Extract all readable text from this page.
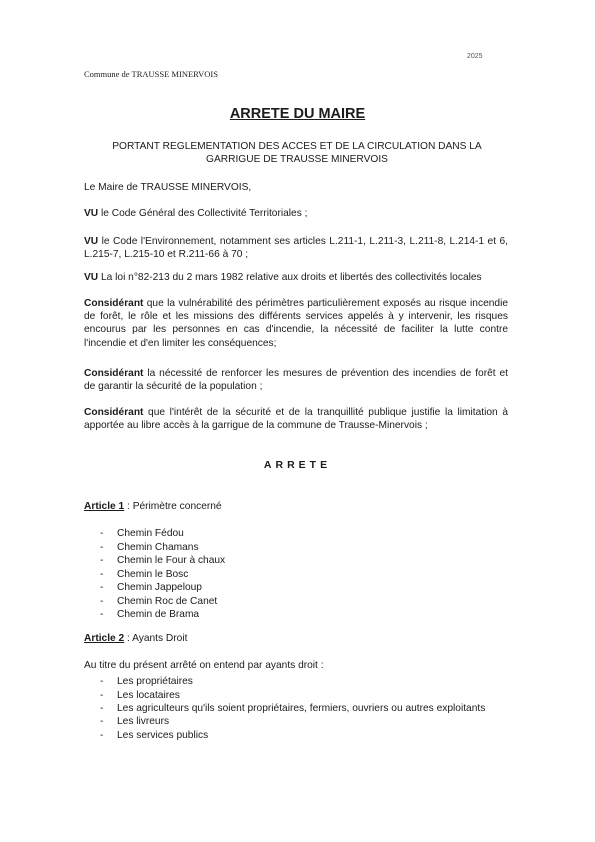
2025
Commune de TRAUSSE MINERVOIS
ARRETE DU MAIRE
PORTANT REGLEMENTATION DES ACCES ET DE LA CIRCULATION DANS LA GARRIGUE DE TRAUSSE MINERVOIS
Le Maire de TRAUSSE MINERVOIS,
VU le Code Général des Collectivité Territoriales ;
VU le Code l'Environnement, notamment ses articles L.211-1, L.211-3, L.211-8, L.214-1 et 6, L.215-7, L.215-10 et R.211-66 à 70 ;
VU La loi n°82-213 du 2 mars 1982 relative aux droits et libertés des collectivités locales
Considérant que la vulnérabilité des périmètres particulièrement exposés au risque incendie de forêt, le rôle et les missions des différents services appelés à y intervenir, les risques encourus par les personnes en cas d'incendie, la nécessité de faciliter la lutte contre l'incendie et d'en limiter les conséquences;
Considérant la nécessité de renforcer les mesures de prévention des incendies de forêt et de garantir la sécurité de la population ;
Considérant que l'intérêt de la sécurité et de la tranquillité publique justifie la limitation à apportée au libre accès à la garrigue de la commune de Trausse-Minervois ;
ARRETE
Article 1 : Périmètre concerné
- Chemin Fédou
- Chemin Chamans
- Chemin le Four à chaux
- Chemin le Bosc
- Chemin Jappeloup
- Chemin Roc de Canet
- Chemin de Brama
Article 2 : Ayants Droit
Au titre du présent arrêté on entend par ayants droit :
- Les propriétaires
- Les locataires
- Les agriculteurs qu'ils soient propriétaires, fermiers, ouvriers ou autres exploitants
- Les livreurs
- Les services publics
